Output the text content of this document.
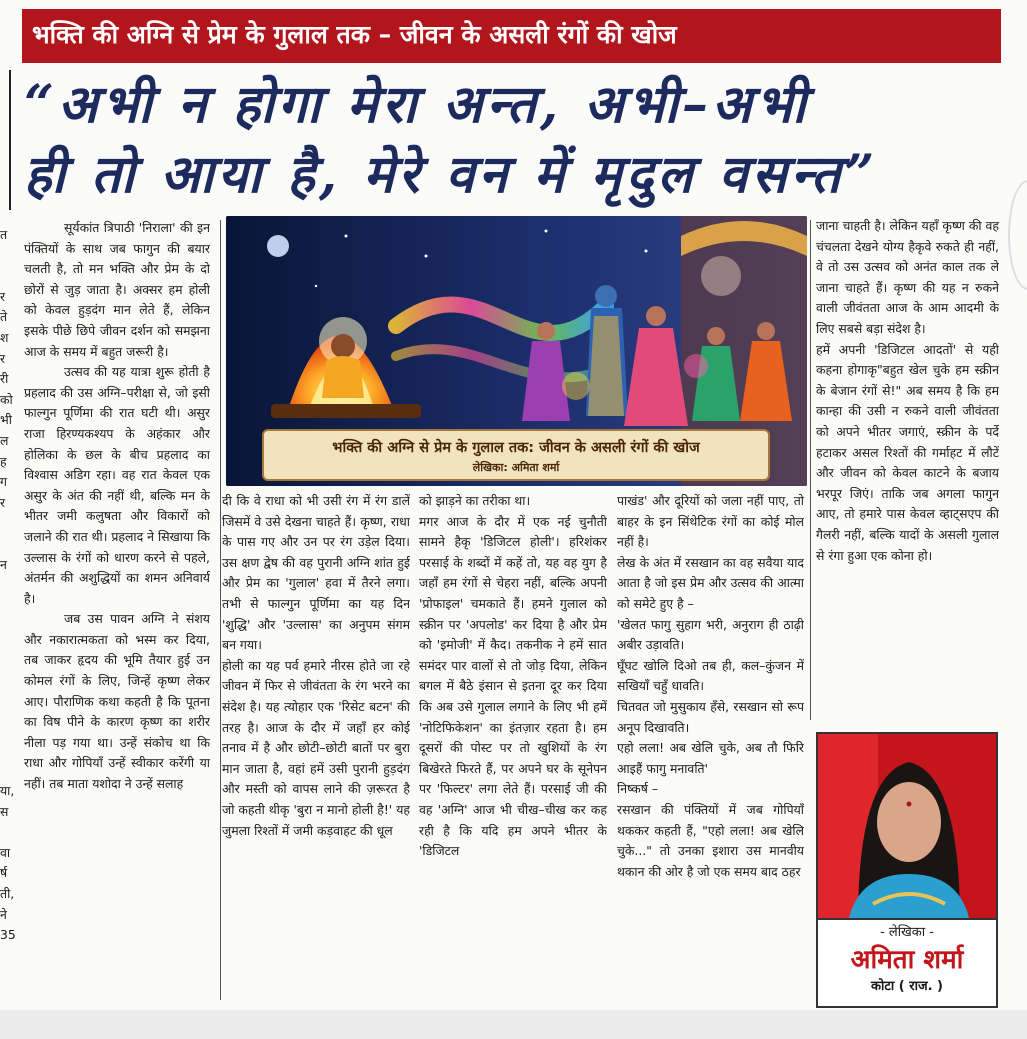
भक्ति की अग्नि से प्रेम के गुलाल तक – जीवन के असली रंगों की खोज
“अभी न होगा मेरा अन्त, अभी–अभी
ही तो आया है, मेरे वन में मृदुल वसन्त”
त
र
ते
श
र
री
को
भी
ल
ह
ग
र
न
या,
स
वा
र्ष
ती,
ने
35

सूर्यकांत त्रिपाठी 'निराला' की इन पंक्तियों के साथ जब फागुन की बयार चलती है, तो मन भक्ति और प्रेम के दो छोरों से जुड़ जाता है। अक्सर हम होली को केवल हुड़दंग मान लेते हैं, लेकिन इसके पीछे छिपे जीवन दर्शन को समझना आज के समय में बहुत जरूरी है।

उत्सव की यह यात्रा शुरू होती है प्रहलाद की उस अग्नि–परीक्षा से, जो इसी फाल्गुन पूर्णिमा की रात घटी थी। असुर राजा हिरण्यकश्यप के अहंकार और होलिका के छल के बीच प्रहलाद का विश्वास अडिग रहा। वह रात केवल एक असुर के अंत की नहीं थी, बल्कि मन के भीतर जमी कलुषता और विकारों को जलाने की रात थी। प्रहलाद ने सिखाया कि उल्लास के रंगों को धारण करने से पहले, अंतर्मन की अशुद्धियों का शमन अनिवार्य है।

जब उस पावन अग्नि ने संशय और नकारात्मकता को भस्म कर दिया, तब जाकर हृदय की भूमि तैयार हुई उन कोमल रंगों के लिए, जिन्हें कृष्ण लेकर आए। पौराणिक कथा कहती है कि पूतना का विष पीने के कारण कृष्ण का शरीर नीला पड़ गया था। उन्हें संकोच था कि राधा और गोपियाँ उन्हें स्वीकार करेंगी या नहीं। तब माता यशोदा ने उन्हें सलाह

भक्ति की अग्नि से प्रेम के गुलाल तक: जीवन के असली रंगों की खोज
लेखिका: अमिता शर्मा

दी कि वे राधा को भी उसी रंग में रंग डालें जिसमें वे उसे देखना चाहते हैं। कृष्ण, राधा के पास गए और उन पर रंग उड़ेल दिया। उस क्षण द्वेष की वह पुरानी अग्नि शांत हुई और प्रेम का 'गुलाल' हवा में तैरने लगा। तभी से फाल्गुन पूर्णिमा का यह दिन 'शुद्धि' और 'उल्लास' का अनुपम संगम बन गया।

होली का यह पर्व हमारे नीरस होते जा रहे जीवन में फिर से जीवंतता के रंग भरने का संदेश है। यह त्योहार एक 'रिसेट बटन' की तरह है। आज के दौर में जहाँ हर कोई तनाव में है और छोटी–छोटी बातों पर बुरा मान जाता है, वहां हमें उसी पुरानी हुड़दंग और मस्ती को वापस लाने की ज़रूरत है जो कहती थीकृ 'बुरा न मानो होली है!' यह जुमला रिश्तों में जमी कड़वाहट की धूल

को झाड़ने का तरीका था।

मगर आज के दौर में एक नई चुनौती सामने हैकृ 'डिजिटल होली'। हरिशंकर परसाई के शब्दों में कहें तो, यह वह युग है जहाँ हम रंगों से चेहरा नहीं, बल्कि अपनी 'प्रोफाइल' चमकाते हैं। हमने गुलाल को स्क्रीन पर 'अपलोड' कर दिया है और प्रेम को 'इमोजी' में कैद। तकनीक ने हमें सात समंदर पार वालों से तो जोड़ दिया, लेकिन बगल में बैठे इंसान से इतना दूर कर दिया कि अब उसे गुलाल लगाने के लिए भी हमें 'नोटिफिकेशन' का इंतज़ार रहता है। हम दूसरों की पोस्ट पर तो खुशियों के रंग बिखेरते फिरते हैं, पर अपने घर के सूनेपन पर 'फिल्टर' लगा लेते हैं। परसाई जी की वह 'अग्नि' आज भी चीख–चीख कर कह रही है कि यदि हम अपने भीतर के 'डिजिटल

पाखंड' और दूरियों को जला नहीं पाए, तो बाहर के इन सिंथेटिक रंगों का कोई मोल नहीं है।

लेख के अंत में रसखान का वह सवैया याद आता है जो इस प्रेम और उत्सव की आत्मा को समेटे हुए है –

'खेलत फागु सुहाग भरी, अनुराग ही ठाढ़ी अबीर उड़ावति।

घूँघट खोलि दिओ तब ही, कल–कुंजन में सखियाँ चहुँ धावति।

चितवत जो मुसुकाय हँसे, रसखान सो रूप अनूप दिखावति।

एहो लला! अब खेलि चुके, अब तौ फिरि आइहैं फागु मनावति'

निष्कर्ष –

रसखान की पंक्तियों में जब गोपियाँ थककर कहती हैं, "एहो लला! अब खेलि चुके..." तो उनका इशारा उस मानवीय थकान की ओर है जो एक समय बाद ठहर

जाना चाहती है। लेकिन यहाँ कृष्ण की वह चंचलता देखने योग्य हैकृवे रुकते ही नहीं, वे तो उस उत्सव को अनंत काल तक ले जाना चाहते हैं। कृष्ण की यह न रुकने वाली जीवंतता आज के आम आदमी के लिए सबसे बड़ा संदेश है।

हमें अपनी 'डिजिटल आदतों' से यही कहना होगाकृ"बहुत खेल चुके हम स्क्रीन के बेजान रंगों से!" अब समय है कि हम कान्हा की उसी न रुकने वाली जीवंतता को अपने भीतर जगाएं, स्क्रीन के पर्दे हटाकर असल रिश्तों की गर्माहट में लौटें और जीवन को केवल काटने के बजाय भरपूर जिएं। ताकि जब अगला फागुन आए, तो हमारे पास केवल व्हाट्सएप की गैलरी नहीं, बल्कि यादों के असली गुलाल से रंगा हुआ एक कोना हो।

- लेखिका -
अमिता शर्मा
कोटा ( राज. )
